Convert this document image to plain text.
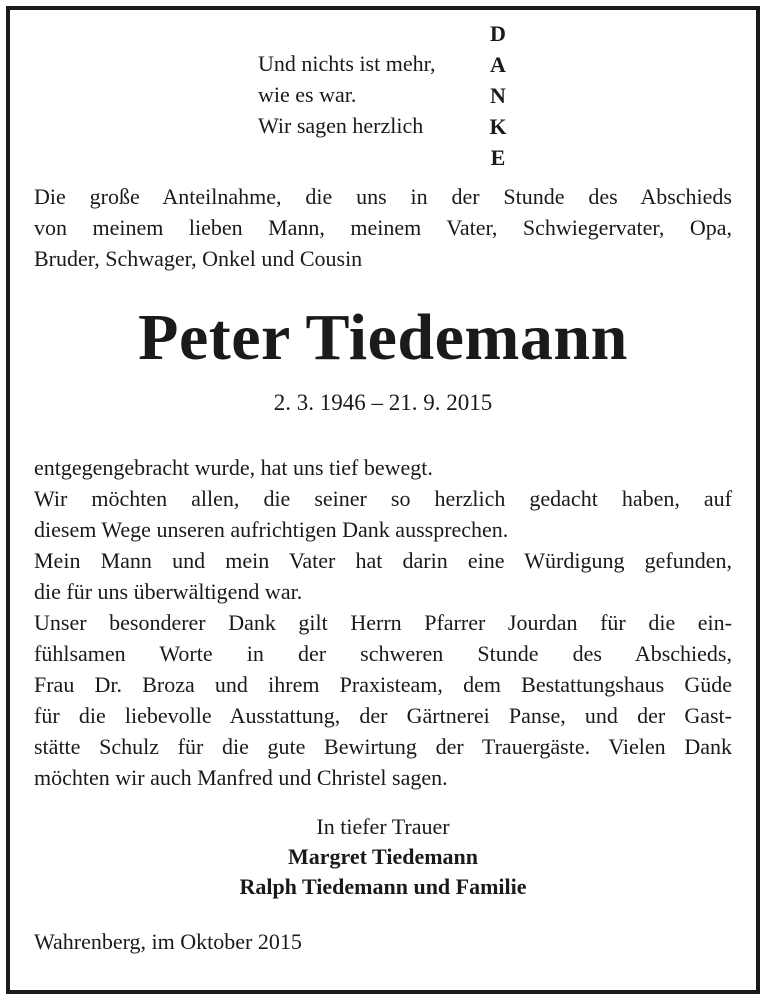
Und nichts ist mehr,
wie es war.
Wir sagen herzlich
D
A
N
K
E
Die große Anteilnahme, die uns in der Stunde des Abschieds
von meinem lieben Mann, meinem Vater, Schwiegervater, Opa,
Bruder, Schwager, Onkel und Cousin
Peter Tiedemann
2. 3. 1946 – 21. 9. 2015
entgegengebracht wurde, hat uns tief bewegt.
Wir möchten allen, die seiner so herzlich gedacht haben, auf
diesem Wege unseren aufrichtigen Dank aussprechen.
Mein Mann und mein Vater hat darin eine Würdigung gefunden,
die für uns überwältigend war.
Unser besonderer Dank gilt Herrn Pfarrer Jourdan für die ein-
fühlsamen Worte in der schweren Stunde des Abschieds,
Frau Dr. Broza und ihrem Praxisteam, dem Bestattungshaus Güde
für die liebevolle Ausstattung, der Gärtnerei Panse, und der Gast-
stätte Schulz für die gute Bewirtung der Trauergäste. Vielen Dank
möchten wir auch Manfred und Christel sagen.
In tiefer Trauer
Margret Tiedemann
Ralph Tiedemann und Familie
Wahrenberg, im Oktober 2015
